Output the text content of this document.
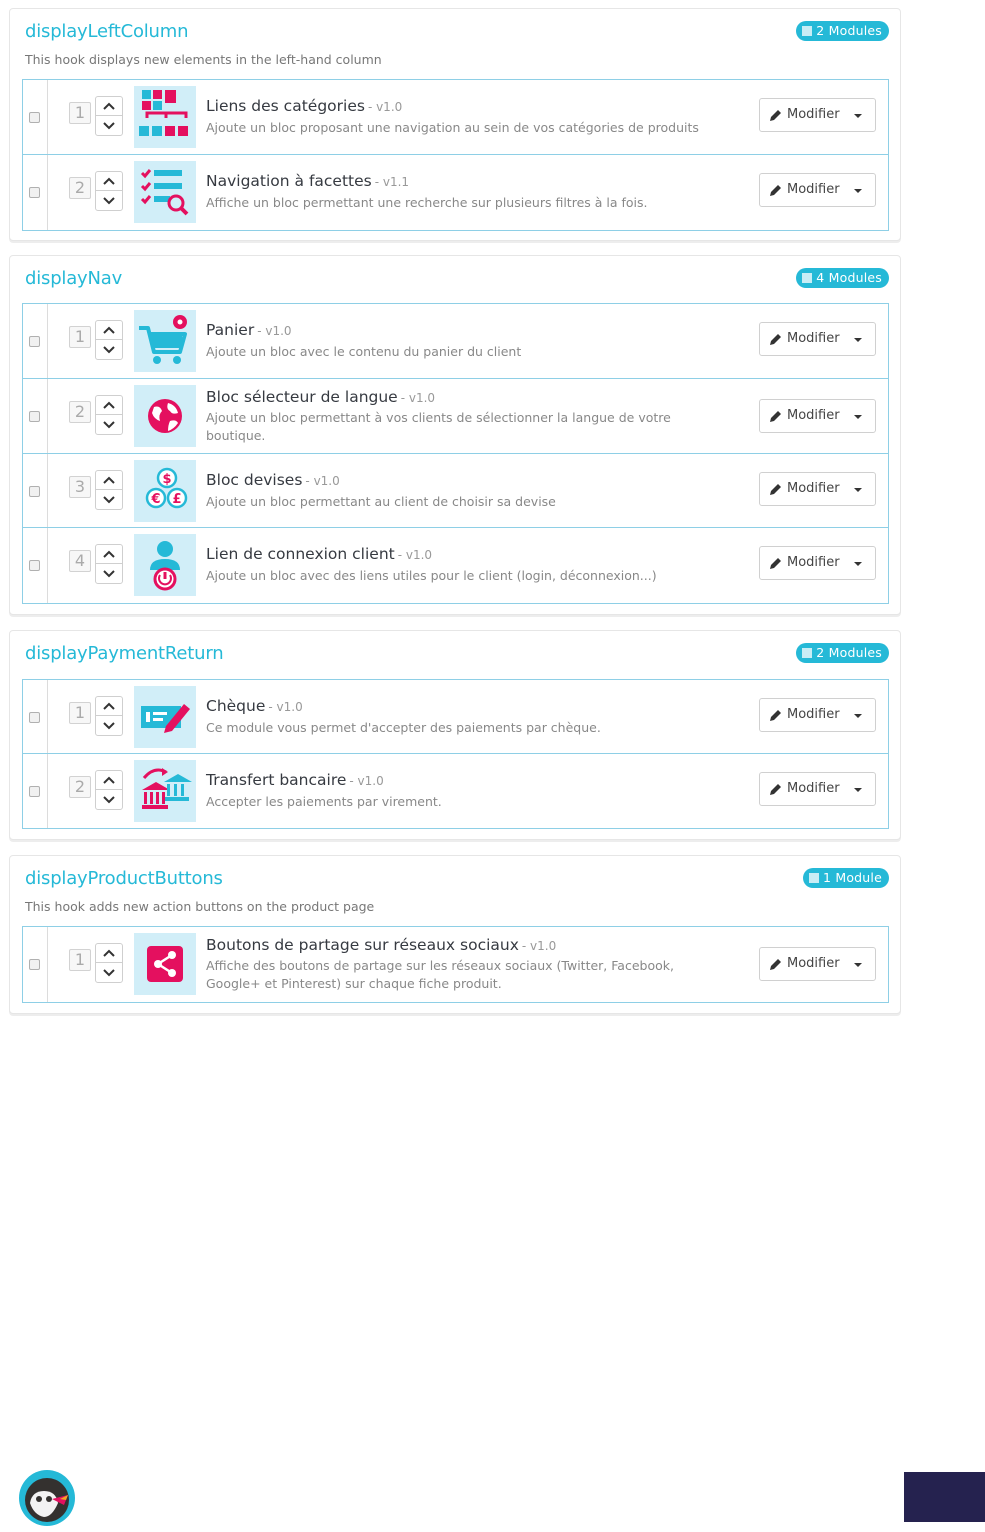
displayLeftColumn	2 Modules

This hook displays new elements in the left-hand column

1	Liens des catégories - v1.0
Ajoute un bloc proposant une navigation au sein de vos catégories de produits
Modifier
2	Navigation à facettes - v1.1
Affiche un bloc permettant une recherche sur plusieurs filtres à la fois.
Modifier
displayNav	4 Modules
1	Panier - v1.0
Ajoute un bloc avec le contenu du panier du client
Modifier
2
Bloc sélecteur de langue - v1.0
Ajoute un bloc permettant à vos clients de sélectionner la langue de votre boutique.
Modifier
3	$
€ £
Bloc devises - v1.0
Ajoute un bloc permettant au client de choisir sa devise
Modifier
4	Lien de connexion client - v1.0
Ajoute un bloc avec des liens utiles pour le client (login, déconnexion...)
Modifier
displayPaymentReturn	2 Modules
1	Chèque - v1.0
Ce module vous permet d'accepter des paiements par chèque.
Modifier
2	Transfert bancaire - v1.0
Accepter les paiements par virement.
Modifier
displayProductButtons	1 Module

This hook adds new action buttons on the product page

1
Boutons de partage sur réseaux sociaux - v1.0
Affiche des boutons de partage sur les réseaux sociaux (Twitter, Facebook, Google+ et Pinterest) sur chaque fiche produit.
Modifier
